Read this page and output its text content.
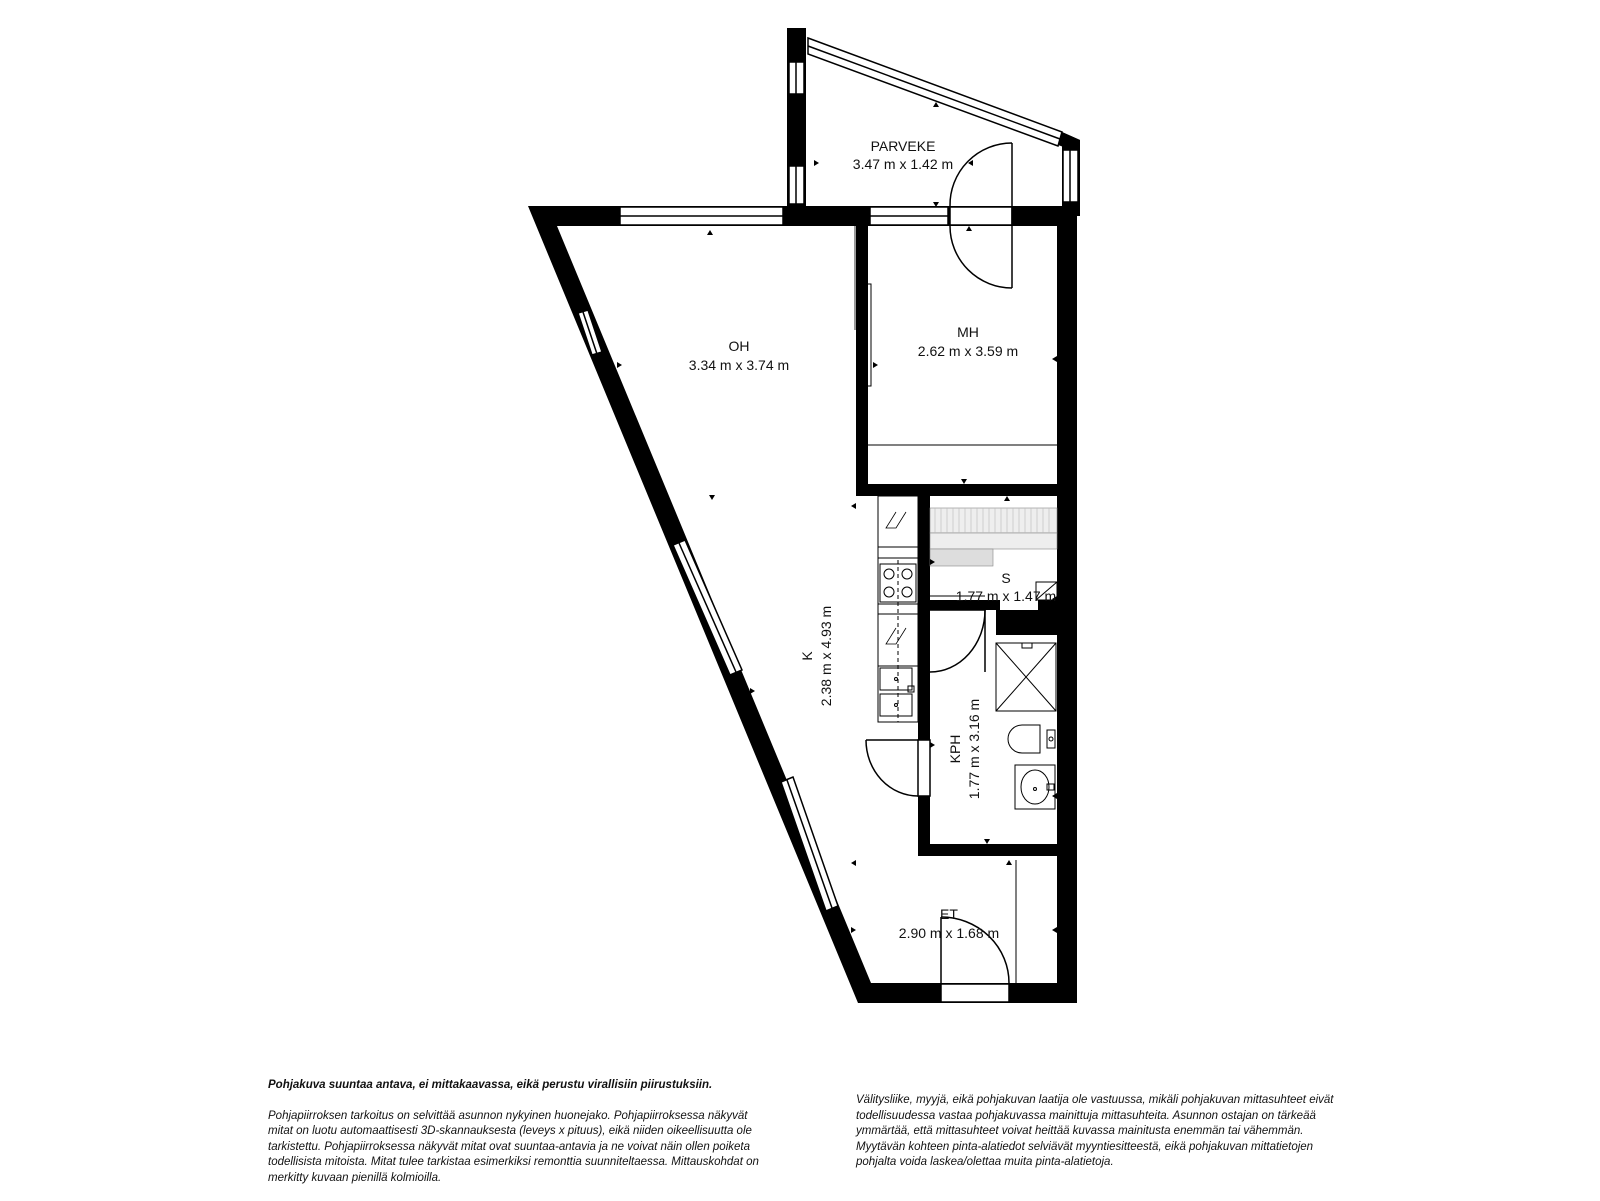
PARVEKE
3.47 m x 1.42 m
OH
3.34 m x 3.74 m
MH
2.62 m x 3.59 m
S
1.77 m x 1.47 m
ET
2.90 m x 1.68 m
K 2.38 m x 4.93 m
KPH 1.77 m x 3.16 m

Pohjakuva suuntaa antava, ei mittakaavassa, eikä perustu virallisiin piirustuksiin.

Pohjapiirroksen tarkoitus on selvittää asunnon nykyinen huonejako. Pohjapiirroksessa näkyvät mitat on luotu automaattisesti 3D-skannauksesta (leveys x pituus), eikä niiden oikeellisuutta ole tarkistettu. Pohjapiirroksessa näkyvät mitat ovat suuntaa-antavia ja ne voivat näin ollen poiketa todellisista mitoista. Mitat tulee tarkistaa esimerkiksi remonttia suunniteltaessa. Mittauskohdat on merkitty kuvaan pienillä kolmioilla.

Välitysliike, myyjä, eikä pohjakuvan laatija ole vastuussa, mikäli pohjakuvan mittasuhteet eivät todellisuudessa vastaa pohjakuvassa mainittuja mittasuhteita. Asunnon ostajan on tärkeää ymmärtää, että mittasuhteet voivat heittää kuvassa mainitusta enemmän tai vähemmän. Myytävän kohteen pinta-alatiedot selviävät myyntiesitteestä, eikä pohjakuvan mittatietojen pohjalta voida laskea/olettaa muita pinta-alatietoja.
